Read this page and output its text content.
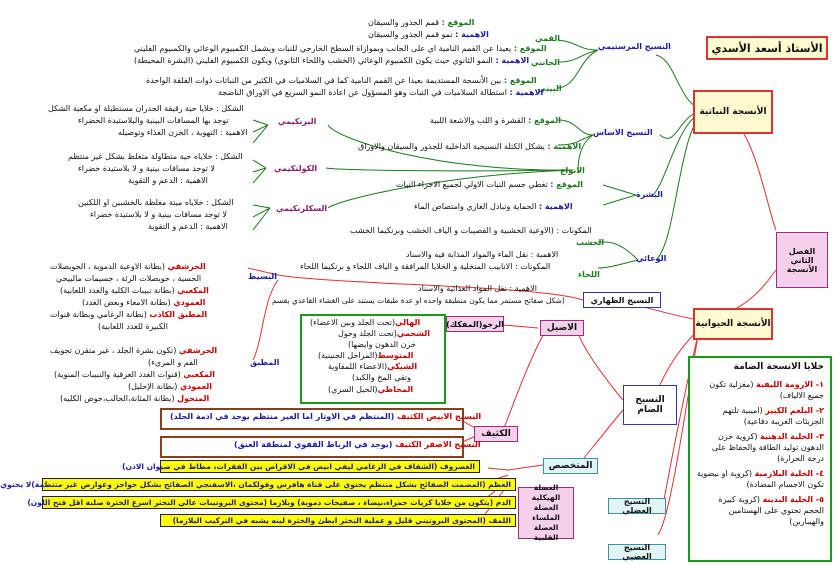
الأستاذ أسعد الأسدي
الأنسجة النباتية
الفصل الثاني الأنسجة
الأنسجة الحيوانية
النسيج المرستيمي
القمي
الموقع : قمم الجذور والسيقان
الاهمية : نمو قمم الجذور والسيقان
الجانبي
الموقع : يعيدا عن القمم النامية اي على الجانب وبموازاة السطح الخارجي للنبات ويشمل الكمبيوم الوعائي والكمبيوم الفليني
الاهمية : النمو الثانوي حيث يكون الكمبيوم الوعائي (الخشب واللحاء الثانوي) ويكون الكمبيوم الفليني (البشرة المحيطة)
البيني
الموقع : بين الأنسجة المستديمة بعيدا عن القمم النامية كما في السلاميات في الكثير من النباتات ذوات الفلقة الواحدة
الاهمية : استطالة السلاميات في النبات وهو المسؤول عن اعادة النمو السريع في الاوراق الناضجة
النسيج الاساس
الموقع : القشرة و اللب والاشعة اللبية
الاهمية : يشكل الكتلة النسيجية الداخلية للجذور والسيقان والاوراق
الانواع
البرنكيمي
الشكل : خلايا حية رقيقة الجدران مستطيلة او مكعبة الشكل
توجد بها المسافات البينية والبلاستيدة الخضراء
الاهمية : التهوية ، الخزن الغذاء وتوصيله
الكولنكيمي
الشكل : خلاياه حية متطاولة متغلظ بشكل غير منتظم
لا توجد مسافات بينية و لا بلاستيدة خضراء
الاهمية : الدعم و التقوية
السكلرنكيمي
الشكل : خلاياه ميتة مغلظة بالخشبين او اللكنين
لا توجد مسافات بينية و لا بلاستيدة خضراء
الاهمية : الدعم و التقوية
البشرة
الموقع : تغطي جسم النبات الاولي لجميع الاجزاء النبات
الاهمية : الحماية وتبادل الغازي وامتصاص الماء
الوعائي
المكونات : (الاوعية الخشبية و القصيبات و الياف الخشب وبرنكيما الخشب
الخشب
الاهمية : نقل الماء والمواد المذابة فيه والاسناد
المكونات : الانابيب المنخلية و الخلايا المرافقة و الياف اللحاء و برنكيما اللحاء
اللحاء
الاهمية : نقل المواد الغذائية والاسناد
النسيج الظهاري
(شكل صفائح مستمر مما يكون منطبقة واحده او عدة طبقات يستند على الغشاء القاعدي يقسم
البسيط
الحرشفي (بطانة الاوعية الدموية ، الحويصلات
الحسية ، حويصلات الرئة ، جسيمات مالبيجي
المكعبي (بطانة نبيبات الكلية والغدد اللعابية)
العمودي (بطانة الامعاء وبعض الغدد)
المطبق الكاذب (بطانة الرغامي وبطانة قنوات
الكبيرة للغدد اللعابية)
المطبق
الحرشفي (تكون بشرة الجلد ، غير متقرن تجويف
الفم و المريء)
المكعبي (قنوات الغدد العرقية والنبيبات المنوية)
العمودي (بطانة الإحليل)
المتحول (بطانة المثانة،الحالب،حوض الكليه)
الرخو(المفكك)
الهالي(تحت الجلد وبين الاعضاء)
الشحمي(تحت الجلد وحول
خزن الدهون وايضها)
المتوسط(المراحل الجنينية)
الشبكي(الاعضاء اللمفاوية
وتقي المخ والكبد)
المخاطي(الحبل السري)
الاصيل
النسيج الضام
الكثيف
النسيج الابيض الكثيف (المنتظم في الاوتار اما الغير منتظم يوجد في ادمة الجلد)
النسيج الاصفر الكثيف (يوجد في الرباط القفوي لمنطقة العنق)
المتخصص
الغضروف (الشفاف في الرغامي ليفي ابيض في الاقراص بين الفقرات، مطاط في صيوان الاذن)
العظم (المصمت الصفائح بشكل منتظم يحتوي على قناة هافرس وفولكمان ،الاسفنجي الصفائح بشكل حواجز وعوارض غير منتظمة)لا يحتوي
الدم (يتكون من خلايا كريات حمراء،بيضاء ، صفيحات دموية) وبلازما (محتوى البروتينات عالي التخثر اسرع الخثرة صلبة اقل فتح اللون)
اللمف (المحتوى البروتيني قليل و عملية التخثر ابطئ والخثرة لينه يشبه في التركيب البلازما)
النسيج العضلي
العضلة الهيكلية العضلة الملساء العضلة القلبية
النسيج العصبي
خلايا الانسجة الضامة
١- الارومة الليفية (مغزلية تكون جميع الالياف)
٢- البلعم الكبير (اميبية تلتهم الجزيئات الغريبة دفاعية)
٣- الخلية الدهنية (كروية خزن الدهون توليد الطاقة والحفاظ على درجة الحرارة)
٤- الخلية البلازمية (كروية او بيضوية تكون الاجسام المضادة)
٥- الخلية البدينة (كروية كبيرة الحجم تحتوي على الهستامين والهيبارين)
